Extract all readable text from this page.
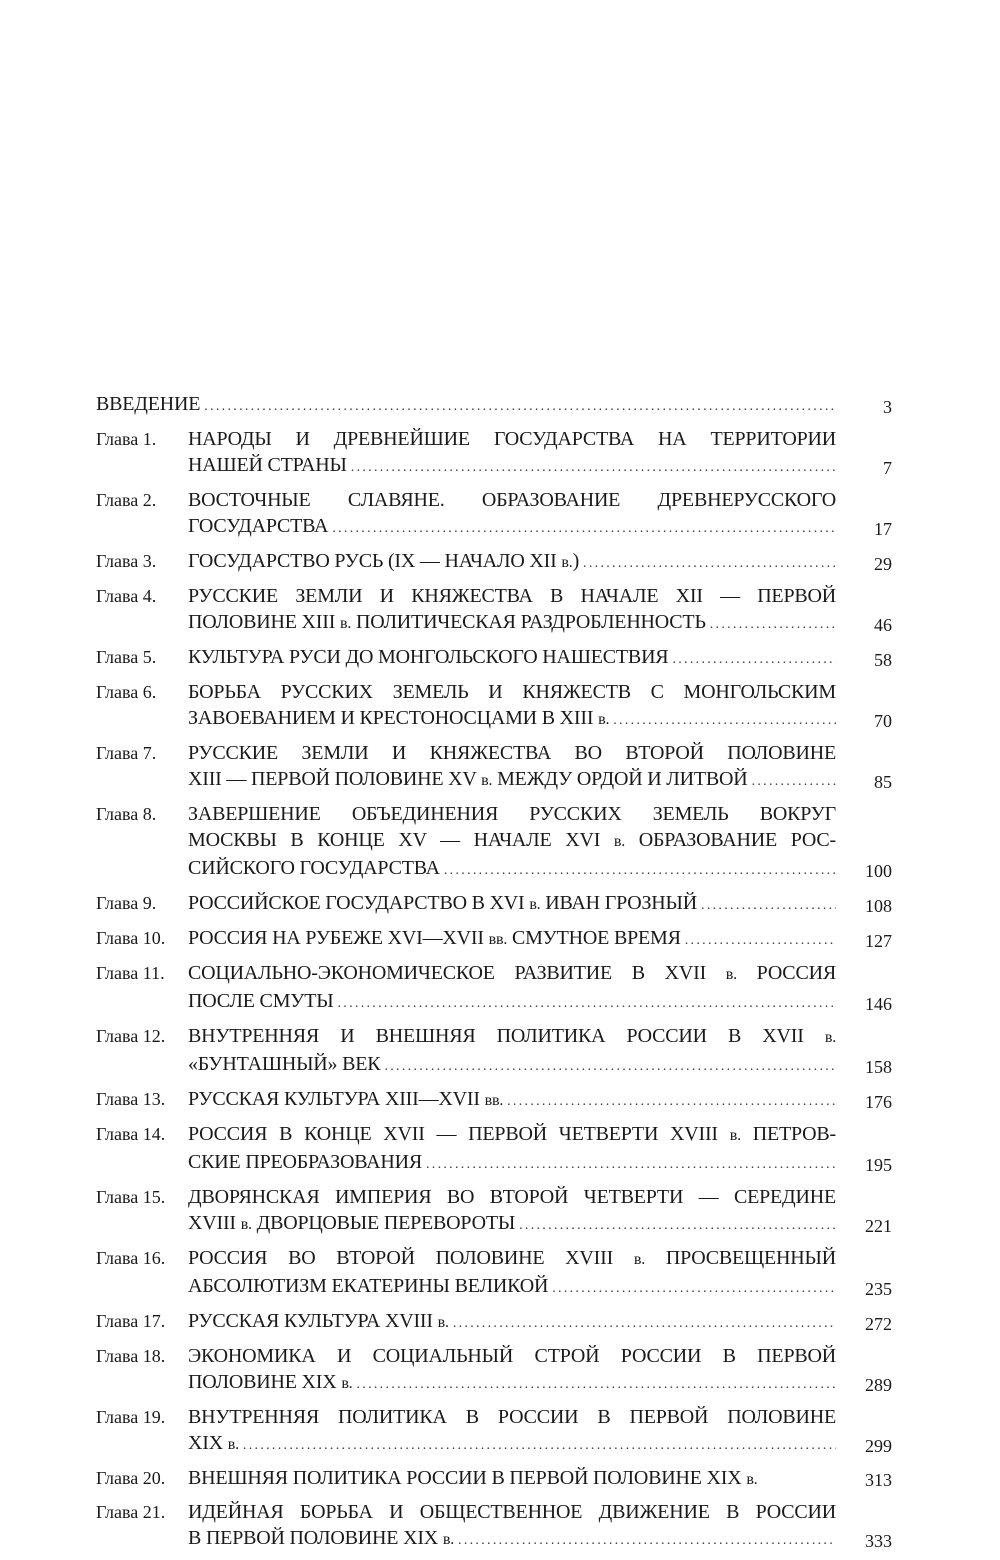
ВВЕДЕНИЕ .....	3
Глава 1.	НАРОДЫ И ДРЕВНЕЙШИЕ ГОСУДАРСТВА НА ТЕРРИТОРИИ
НАШЕЙ СТРАНЫ .....	7
Глава 2.	ВОСТОЧНЫЕ СЛАВЯНЕ. ОБРАЗОВАНИЕ ДРЕВНЕРУССКОГО
ГОСУДАРСТВА .....	17
Глава 3.	ГОСУДАРСТВО РУСЬ (IX — НАЧАЛО XII в.) .....	29
Глава 4.	РУССКИЕ ЗЕМЛИ И КНЯЖЕСТВА В НАЧАЛЕ XII — ПЕРВОЙ
ПОЛОВИНЕ XIII в. ПОЛИТИЧЕСКАЯ РАЗДРОБЛЕННОСТЬ .....	46
Глава 5.	КУЛЬТУРА РУСИ ДО МОНГОЛЬСКОГО НАШЕСТВИЯ .....	58
Глава 6.	БОРЬБА РУССКИХ ЗЕМЕЛЬ И КНЯЖЕСТВ С МОНГОЛЬСКИМ
ЗАВОЕВАНИЕМ И КРЕСТОНОСЦАМИ В XIII в. .....	70
Глава 7.	РУССКИЕ ЗЕМЛИ И КНЯЖЕСТВА ВО ВТОРОЙ ПОЛОВИНЕ
XIII — ПЕРВОЙ ПОЛОВИНЕ XV в. МЕЖДУ ОРДОЙ И ЛИТВОЙ .....	85
Глава 8.	ЗАВЕРШЕНИЕ ОБЪЕДИНЕНИЯ РУССКИХ ЗЕМЕЛЬ ВОКРУГ
МОСКВЫ В КОНЦЕ XV — НАЧАЛЕ XVI в. ОБРАЗОВАНИЕ РОС-
СИЙСКОГО ГОСУДАРСТВА .....	100
Глава 9.	РОССИЙСКОЕ ГОСУДАРСТВО В XVI в. ИВАН ГРОЗНЫЙ .....	108
Глава 10.	РОССИЯ НА РУБЕЖЕ XVI—XVII вв. СМУТНОЕ ВРЕМЯ .....	127
Глава 11.	СОЦИАЛЬНО-ЭКОНОМИЧЕСКОЕ РАЗВИТИЕ В XVII в. РОССИЯ
ПОСЛЕ СМУТЫ .....	146
Глава 12.	ВНУТРЕННЯЯ И ВНЕШНЯЯ ПОЛИТИКА РОССИИ В XVII в.
«БУНТАШНЫЙ» ВЕК .....	158
Глава 13.	РУССКАЯ КУЛЬТУРА XIII—XVII вв. .....	176
Глава 14.	РОССИЯ В КОНЦЕ XVII — ПЕРВОЙ ЧЕТВЕРТИ XVIII в. ПЕТРОВ-
СКИЕ ПРЕОБРАЗОВАНИЯ .....	195
Глава 15.	ДВОРЯНСКАЯ ИМПЕРИЯ ВО ВТОРОЙ ЧЕТВЕРТИ — СЕРЕДИНЕ
XVIII в. ДВОРЦОВЫЕ ПЕРЕВОРОТЫ .....	221
Глава 16.	РОССИЯ ВО ВТОРОЙ ПОЛОВИНЕ XVIII в. ПРОСВЕЩЕННЫЙ
АБСОЛЮТИЗМ ЕКАТЕРИНЫ ВЕЛИКОЙ .....	235
Глава 17.	РУССКАЯ КУЛЬТУРА XVIII в. .....	272
Глава 18.	ЭКОНОМИКА И СОЦИАЛЬНЫЙ СТРОЙ РОССИИ В ПЕРВОЙ
ПОЛОВИНЕ XIX в. .....	289
Глава 19.	ВНУТРЕННЯЯ ПОЛИТИКА В РОССИИ В ПЕРВОЙ ПОЛОВИНЕ
XIX в. .....	299
Глава 20.	ВНЕШНЯЯ ПОЛИТИКА РОССИИ В ПЕРВОЙ ПОЛОВИНЕ XIX в.	313
Глава 21.	ИДЕЙНАЯ БОРЬБА И ОБЩЕСТВЕННОЕ ДВИЖЕНИЕ В РОССИИ
В ПЕРВОЙ ПОЛОВИНЕ XIX в. .....	333
